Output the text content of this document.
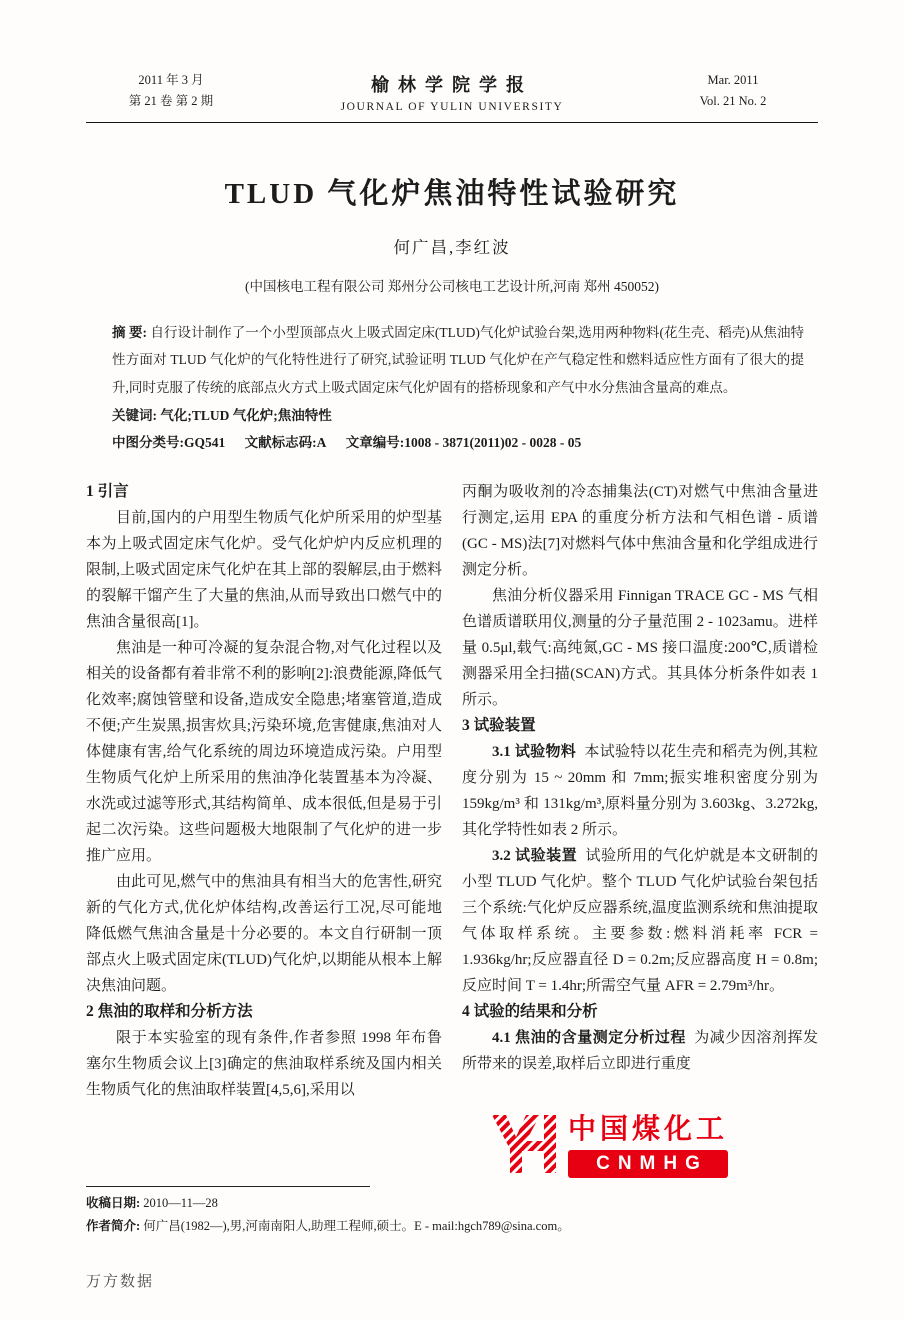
2011 年 3 月
第 21 卷 第 2 期
榆林学院学报
JOURNAL OF YULIN UNIVERSITY
Mar. 2011
Vol. 21 No. 2
TLUD 气化炉焦油特性试验研究
何广昌,李红波
(中国核电工程有限公司 郑州分公司核电工艺设计所,河南 郑州 450052)

摘 要: 自行设计制作了一个小型顶部点火上吸式固定床(TLUD)气化炉试验台架,选用两种物料(花生壳、稻壳)从焦油特性方面对 TLUD 气化炉的气化特性进行了研究,试验证明 TLUD 气化炉在产气稳定性和燃料适应性方面有了很大的提升,同时克服了传统的底部点火方式上吸式固定床气化炉固有的搭桥现象和产气中水分焦油含量高的难点。

关键词: 气化;TLUD 气化炉;焦油特性

中图分类号:GQ541 文献标志码:A 文章编号:1008 - 3871(2011)02 - 0028 - 05

1 引言

目前,国内的户用型生物质气化炉所采用的炉型基本为上吸式固定床气化炉。受气化炉炉内反应机理的限制,上吸式固定床气化炉在其上部的裂解层,由于燃料的裂解干馏产生了大量的焦油,从而导致出口燃气中的焦油含量很高[1]。

焦油是一种可冷凝的复杂混合物,对气化过程以及相关的设备都有着非常不利的影响[2]:浪费能源,降低气化效率;腐蚀管壁和设备,造成安全隐患;堵塞管道,造成不便;产生炭黑,损害炊具;污染环境,危害健康,焦油对人体健康有害,给气化系统的周边环境造成污染。户用型生物质气化炉上所采用的焦油净化装置基本为冷凝、水洗或过滤等形式,其结构简单、成本很低,但是易于引起二次污染。这些问题极大地限制了气化炉的进一步推广应用。

由此可见,燃气中的焦油具有相当大的危害性,研究新的气化方式,优化炉体结构,改善运行工况,尽可能地降低燃气焦油含量是十分必要的。本文自行研制一顶部点火上吸式固定床(TLUD)气化炉,以期能从根本上解决焦油问题。

2 焦油的取样和分析方法

限于本实验室的现有条件,作者参照 1998 年布鲁塞尔生物质会议上[3]确定的焦油取样系统及国内相关生物质气化的焦油取样装置[4,5,6],采用以

丙酮为吸收剂的冷态捕集法(CT)对燃气中焦油含量进行测定,运用 EPA 的重度分析方法和气相色谱 - 质谱(GC - MS)法[7]对燃料气体中焦油含量和化学组成进行测定分析。

焦油分析仪器采用 Finnigan TRACE GC - MS 气相色谱质谱联用仪,测量的分子量范围 2 - 1023amu。进样量 0.5μl,载气:高纯氮,GC - MS 接口温度:200℃,质谱检测器采用全扫描(SCAN)方式。其具体分析条件如表 1 所示。

3 试验装置

3.1 试验物料 本试验特以花生壳和稻壳为例,其粒度分别为 15 ~ 20mm 和 7mm;振实堆积密度分别为 159kg/m³ 和 131kg/m³,原料量分别为 3.603kg、3.272kg,其化学特性如表 2 所示。

3.2 试验装置 试验所用的气化炉就是本文研制的小型 TLUD 气化炉。整个 TLUD 气化炉试验台架包括三个系统:气化炉反应器系统,温度监测系统和焦油提取气体取样系统。主要参数:燃料消耗率 FCR = 1.936kg/hr;反应器直径 D = 0.2m;反应器高度 H = 0.8m;反应时间 T = 1.4hr;所需空气量 AFR = 2.79m³/hr。

4 试验的结果和分析

4.1 焦油的含量测定分析过程 为减少因溶剂挥发所带来的误差,取样后立即进行重度

中国煤化工
CNMHG

收稿日期: 2010—11—28

作者简介: 何广昌(1982—),男,河南南阳人,助理工程师,硕士。E - mail:hgch789@sina.com。

万方数据
